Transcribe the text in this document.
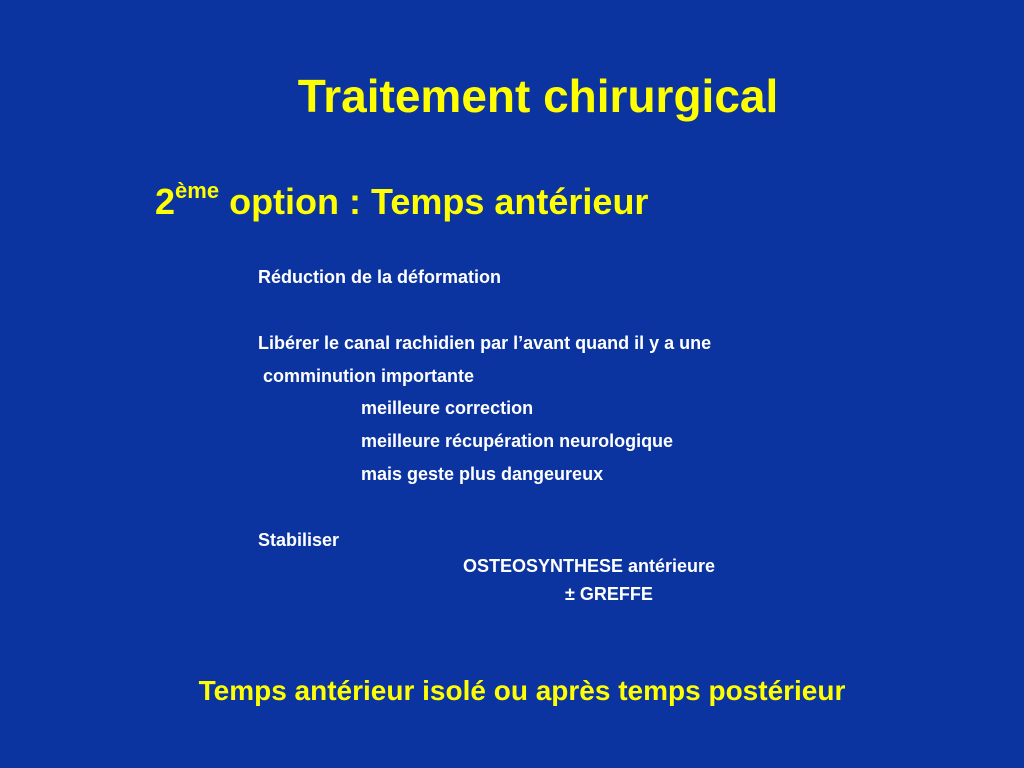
Traitement chirurgical
2ème option : Temps antérieur
Réduction de la déformation
Libérer le canal rachidien par l’avant quand il y a une
comminution importante
meilleure correction
meilleure récupération neurologique
mais geste plus dangeureux
Stabiliser
OSTEOSYNTHESE antérieure
± GREFFE
Temps antérieur isolé ou après temps postérieur
